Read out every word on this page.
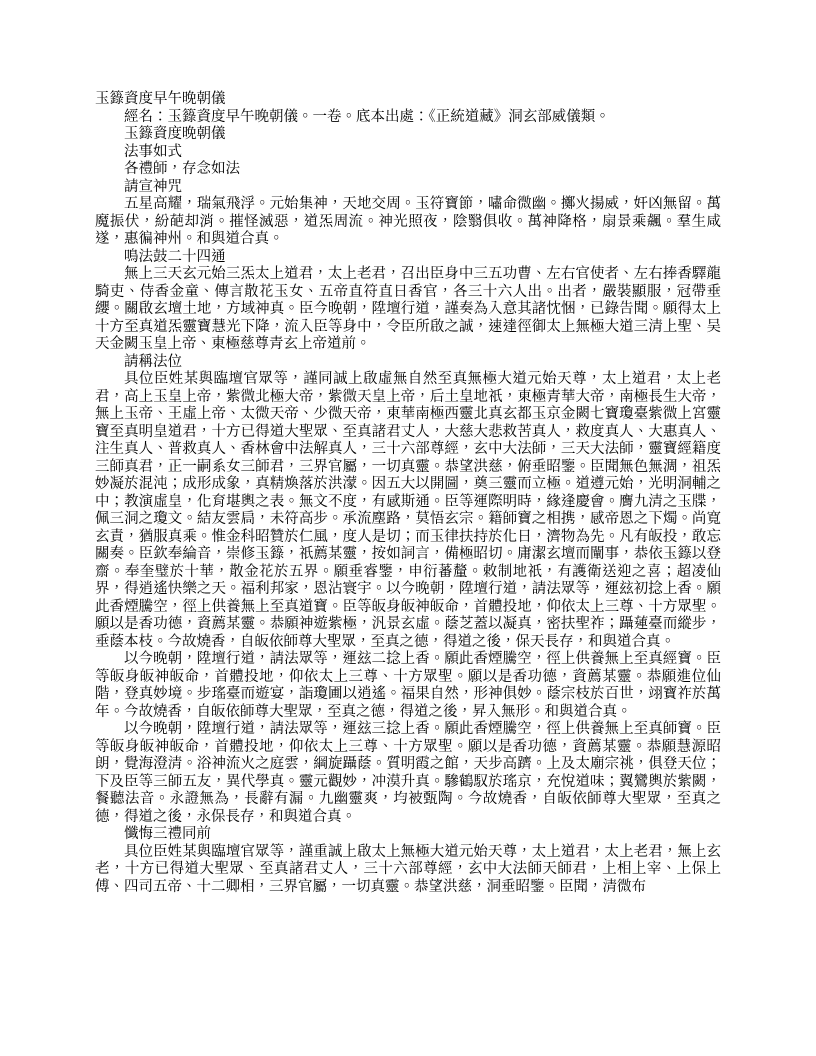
玉籙資度早午晚朝儀

經名：玉籙資度早午晚朝儀。一卷。底本出處：《正統道藏》洞玄部威儀類。

玉籙資度晚朝儀

法事如式

各禮師，存念如法

請宣神咒

五星高耀，瑞氣飛浮。元始集神，天地交周。玉符寶節，嘯命微幽。擲火揚威，奸凶無留。萬魔振伏，紛葩却消。摧怪滅惡，道炁周流。神光照夜，陰翳俱收。萬神降格，扇景乘飆。羣生咸遂，惠徧神州。和與道合真。

鳴法鼓二十四通

無上三天玄元始三炁太上道君，太上老君，召出臣身中三五功曹、左右官使者、左右捧香驛龍騎吏、侍香金童、傳言散花玉女、五帝直符直日香官，各三十六人出。出者，嚴裝顯服，冠帶垂纓。關啟玄壇土地，方域神真。臣今晚朝，陞壇行道，謹奏為入意其諸忱悃，已錄告聞。願得太上十方至真道炁靈寶慧光下降，流入臣等身中，令臣所啟之誠，速達徑御太上無極大道三清上聖、吴天金闕玉皇上帝、東極慈尊青玄上帝道前。

請稱法位

具位臣姓某與臨壇官眾等，謹同誠上啟虛無自然至真無極大道元始天尊，太上道君，太上老君，高上玉皇上帝，紫微北極大帝，紫微天皇上帝，后土皇地祇，東極青華大帝，南極長生大帝，無上玉帝、王虛上帝、太微天帝、少微天帝，東華南極西靈北真玄都玉京金闕七寶瓊臺紫微上宮靈寶至真明皇道君，十方已得道大聖眾、至真諸君丈人，大慈大悲救苦真人，救度真人、大惠真人、注生真人、普救真人、香林會中法解真人，三十六部尊經，玄中大法師，三天大法師，靈寶經籍度三師真君，正一嗣系女三師君，三界官屬，一切真靈。恭望洪慈，俯垂昭鑒。臣聞無色無淍，祖炁妙凝於混沌；成形成象，真精煥落於洪濛。因五大以開圖，奠三靈而立極。道遵元始，光明洞輔之中；教演虛皇，化育堪輿之表。無文不度，有感斯通。臣等運際明時，緣逢慶會。膺九清之玉牒，佩三洞之瓊文。結友雲扃，未符高步。承流塵路，莫悟玄宗。籍師寶之相携，感帝恩之下燭。尚寬玄責，猶服真乘。惟金科昭贊於仁風，度人是切；而玉律扶持於化日，濟物為先。凡有皈投，敢忘關奏。臣欽奉綸音，崇修玉籙，祇薦某靈，按如詞言，備極昭切。庸潔玄壇而闡事，恭依玉籙以登齋。奉奎璧於十華，散金花於五界。願垂睿鑒，申衍蕃釐。敕制地祇，有護衛送迎之喜；超凌仙界，得逍遙快樂之天。福利邦家，恩沾寰宇。以今晚朝，陞壇行道，請法眾等，運玆初捻上香。願此香煙騰空，徑上供養無上至真道寶。臣等皈身皈神皈命，首體投地，仰依太上三尊、十方眾聖。願以是香功德，資薦某靈。恭願神遊紫極，汎景玄虛。蔭芝蓋以凝真，密扶聖祚；躡蓮臺而縱步，垂蔭本枝。今故燒香，自皈依師尊大聖眾，至真之德，得道之後，保天長存，和與道合真。

以今晚朝，陞壇行道，請法眾等，運玆二捻上香。願此香煙騰空，徑上供養無上至真經寶。臣等皈身皈神皈命，首體投地，仰依太上三尊、十方眾聖。願以是香功德，資薦某靈。恭願進位仙階，登真妙境。步瑤臺而遊宴，詣瓊圃以逍遙。福果自然，形神俱妙。蔭宗枝於百世，翊寶祚於萬年。今故燒香，自皈依師尊大聖眾，至真之德，得道之後，昇入無形。和與道合真。

以今晚朝，陞壇行道，請法眾等，運玆三捻上香。願此香煙騰空，徑上供養無上至真師寶。臣等皈身皈神皈命，首體投地，仰依太上三尊、十方眾聖。願以是香功德，資薦某靈。恭願慧源昭朗，覺海澄清。浴神流火之庭雲，綱旋躡蔭。質明霞之館，天步高躋。上及太廟宗祧，俱登天位；下及臣等三師五友，異代學真。靈元觀妙，冲漠升真。驂鶴馭於瑤京，充悅道味；翼鸞輿於紫闕，餐聽法音。永證無為，長辭有漏。九幽靈爽，均被甄陶。今故燒香，自皈依師尊大聖眾，至真之德，得道之後，永保長存，和與道合真。

懺悔三禮同前

具位臣姓某與臨壇官眾等，謹重誠上啟太上無極大道元始天尊，太上道君，太上老君，無上玄老，十方已得道大聖眾、至真諸君丈人，三十六部尊經，玄中大法師天師君，上相上宰、上保上傅、四司五帝、十二卿相，三界官屬，一切真靈。恭望洪慈，洞垂昭鑒。臣聞，清微布
